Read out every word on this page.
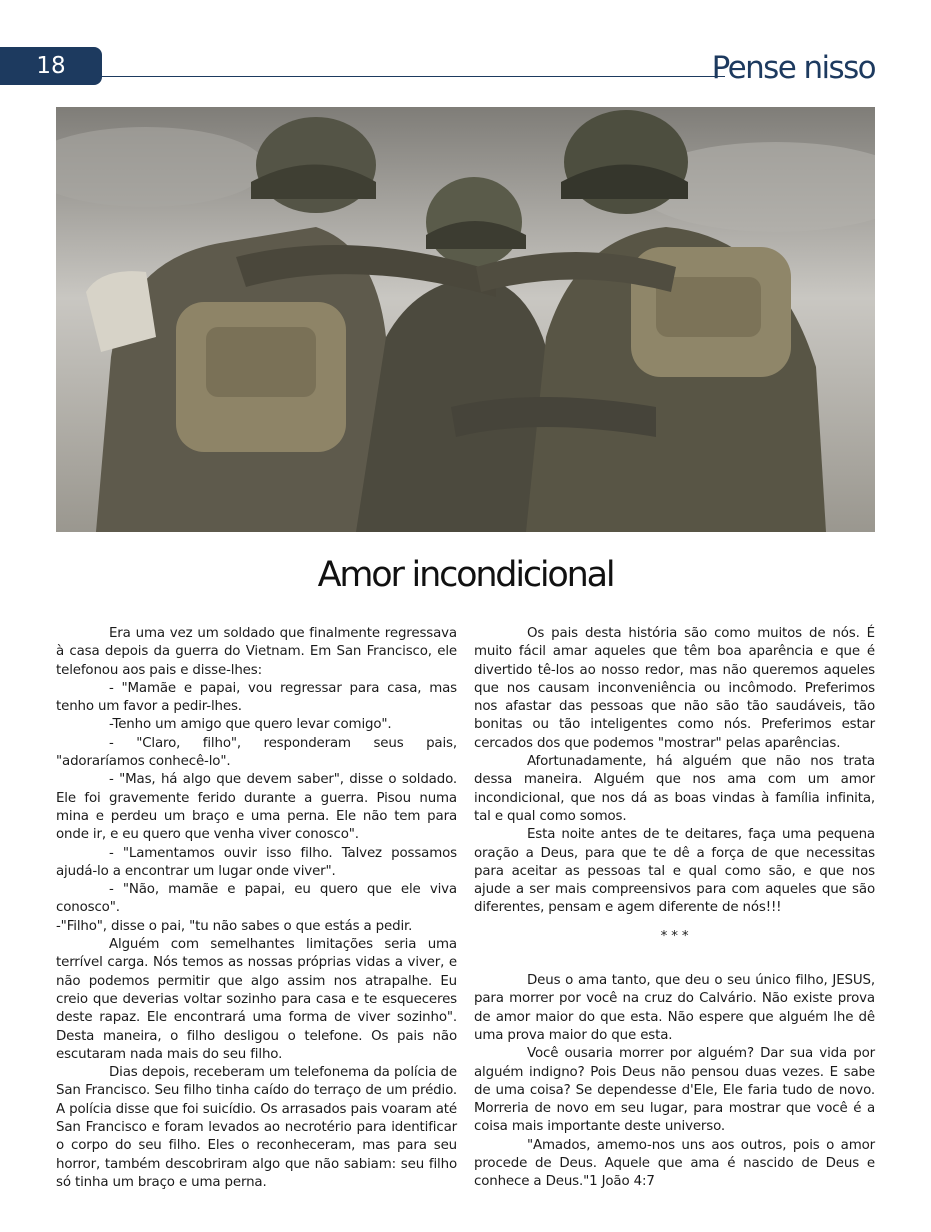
18	Pense nisso
Amor incondicional

Era uma vez um soldado que finalmente regressava à casa depois da guerra do Vietnam. Em San Francisco, ele telefonou aos pais e disse-lhes:

- "Mamãe e papai, vou regressar para casa, mas tenho um favor a pedir-lhes.

-Tenho um amigo que quero levar comigo".

- "Claro, filho", responderam seus pais, "adoraríamos conhecê-lo".

- "Mas, há algo que devem saber", disse o soldado. Ele foi gravemente ferido durante a guerra. Pisou numa mina e perdeu um braço e uma perna. Ele não tem para onde ir, e eu quero que venha viver conosco".

- "Lamentamos ouvir isso filho. Talvez possamos ajudá-lo a encontrar um lugar onde viver".

- "Não, mamãe e papai, eu quero que ele viva conosco".

-"Filho", disse o pai, "tu não sabes o que estás a pedir.

Alguém com semelhantes limitações seria uma terrível carga. Nós temos as nossas próprias vidas a viver, e não podemos permitir que algo assim nos atrapalhe. Eu creio que deverias voltar sozinho para casa e te esqueceres deste rapaz. Ele encontrará uma forma de viver sozinho". Desta maneira, o filho desligou o telefone. Os pais não escutaram nada mais do seu filho.

Dias depois, receberam um telefonema da polícia de San Francisco. Seu filho tinha caído do terraço de um prédio. A polícia disse que foi suicídio. Os arrasados pais voaram até San Francisco e foram levados ao necrotério para identificar o corpo do seu filho. Eles o reconheceram, mas para seu horror, também descobriram algo que não sabiam: seu filho só tinha um braço e uma perna.

Os pais desta história são como muitos de nós. É muito fácil amar aqueles que têm boa aparência e que é divertido tê-los ao nosso redor, mas não queremos aqueles que nos causam inconveniência ou incômodo. Preferimos nos afastar das pessoas que não são tão saudáveis, tão bonitas ou tão inteligentes como nós. Preferimos estar cercados dos que podemos "mostrar" pelas aparências.

Afortunadamente, há alguém que não nos trata dessa maneira. Alguém que nos ama com um amor incondicional, que nos dá as boas vindas à família infinita, tal e qual como somos.

Esta noite antes de te deitares, faça uma pequena oração a Deus, para que te dê a força de que necessitas para aceitar as pessoas tal e qual como são, e que nos ajude a ser mais compreensivos para com aqueles que são diferentes, pensam e agem diferente de nós!!!

* * *

Deus o ama tanto, que deu o seu único filho, JESUS, para morrer por você na cruz do Calvário. Não existe prova de amor maior do que esta. Não espere que alguém lhe dê uma prova maior do que esta.

Você ousaria morrer por alguém? Dar sua vida por alguém indigno? Pois Deus não pensou duas vezes. E sabe de uma coisa? Se dependesse d'Ele, Ele faria tudo de novo. Morreria de novo em seu lugar, para mostrar que você é a coisa mais importante deste universo.

"Amados, amemo-nos uns aos outros, pois o amor procede de Deus. Aquele que ama é nascido de Deus e conhece a Deus."1 João 4:7
